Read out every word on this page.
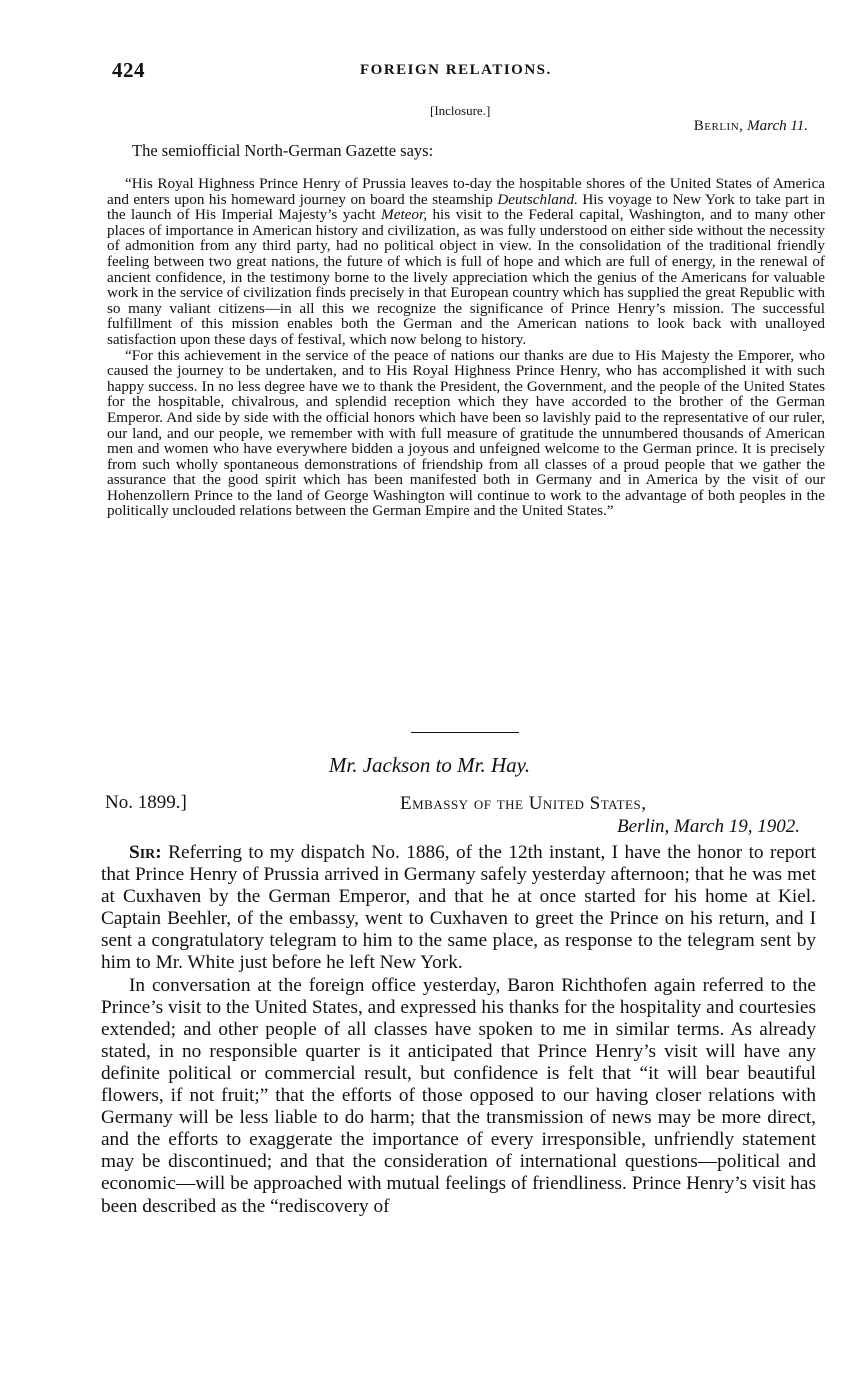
424	FOREIGN RELATIONS.
[Inclosure.]
Berlin, March 11.
The semiofficial North-German Gazette says:

“His Royal Highness Prince Henry of Prussia leaves to-day the hospitable shores of the United States of America and enters upon his homeward journey on board the steamship Deutschland. His voyage to New York to take part in the launch of His Imperial Majesty’s yacht Meteor, his visit to the Federal capital, Washington, and to many other places of importance in American history and civilization, as was fully understood on either side without the necessity of admonition from any third party, had no political object in view. In the consolidation of the traditional friendly feeling between two great nations, the future of which is full of hope and which are full of energy, in the renewal of ancient confidence, in the testimony borne to the lively appreciation which the genius of the Americans for valuable work in the service of civilization finds precisely in that European country which has supplied the great Republic with so many valiant citizens—in all this we recognize the significance of Prince Henry’s mission. The successful fulfillment of this mission enables both the German and the American nations to look back with unalloyed satisfaction upon these days of festival, which now belong to history.

“For this achievement in the service of the peace of nations our thanks are due to His Majesty the Emporer, who caused the journey to be undertaken, and to His Royal Highness Prince Henry, who has accomplished it with such happy success. In no less degree have we to thank the President, the Government, and the people of the United States for the hospitable, chivalrous, and splendid reception which they have accorded to the brother of the German Emperor. And side by side with the official honors which have been so lavishly paid to the representative of our ruler, our land, and our people, we remember with with full measure of gratitude the unnumbered thousands of American men and women who have everywhere bidden a joyous and unfeigned welcome to the German prince. It is precisely from such wholly spontaneous demonstrations of friendship from all classes of a proud people that we gather the assurance that the good spirit which has been manifested both in Germany and in America by the visit of our Hohenzollern Prince to the land of George Washington will continue to work to the advantage of both peoples in the politically unclouded relations between the German Empire and the United States.”

Mr. Jackson to Mr. Hay.
No. 1899.]	Embassy of the United States,
Berlin, March 19, 1902.

Sir: Referring to my dispatch No. 1886, of the 12th instant, I have the honor to report that Prince Henry of Prussia arrived in Germany safely yesterday afternoon; that he was met at Cuxhaven by the German Emperor, and that he at once started for his home at Kiel. Captain Beehler, of the embassy, went to Cuxhaven to greet the Prince on his return, and I sent a congratulatory telegram to him to the same place, as response to the telegram sent by him to Mr. White just before he left New York.

In conversation at the foreign office yesterday, Baron Richthofen again referred to the Prince’s visit to the United States, and expressed his thanks for the hospitality and courtesies extended; and other people of all classes have spoken to me in similar terms. As already stated, in no responsible quarter is it anticipated that Prince Henry’s visit will have any definite political or commercial result, but confidence is felt that “it will bear beautiful flowers, if not fruit;” that the efforts of those opposed to our having closer relations with Germany will be less liable to do harm; that the transmission of news may be more direct, and the efforts to exaggerate the importance of every irresponsible, unfriendly statement may be discontinued; and that the consideration of international questions—political and economic—will be approached with mutual feelings of friendliness. Prince Henry’s visit has been described as the “rediscovery of
